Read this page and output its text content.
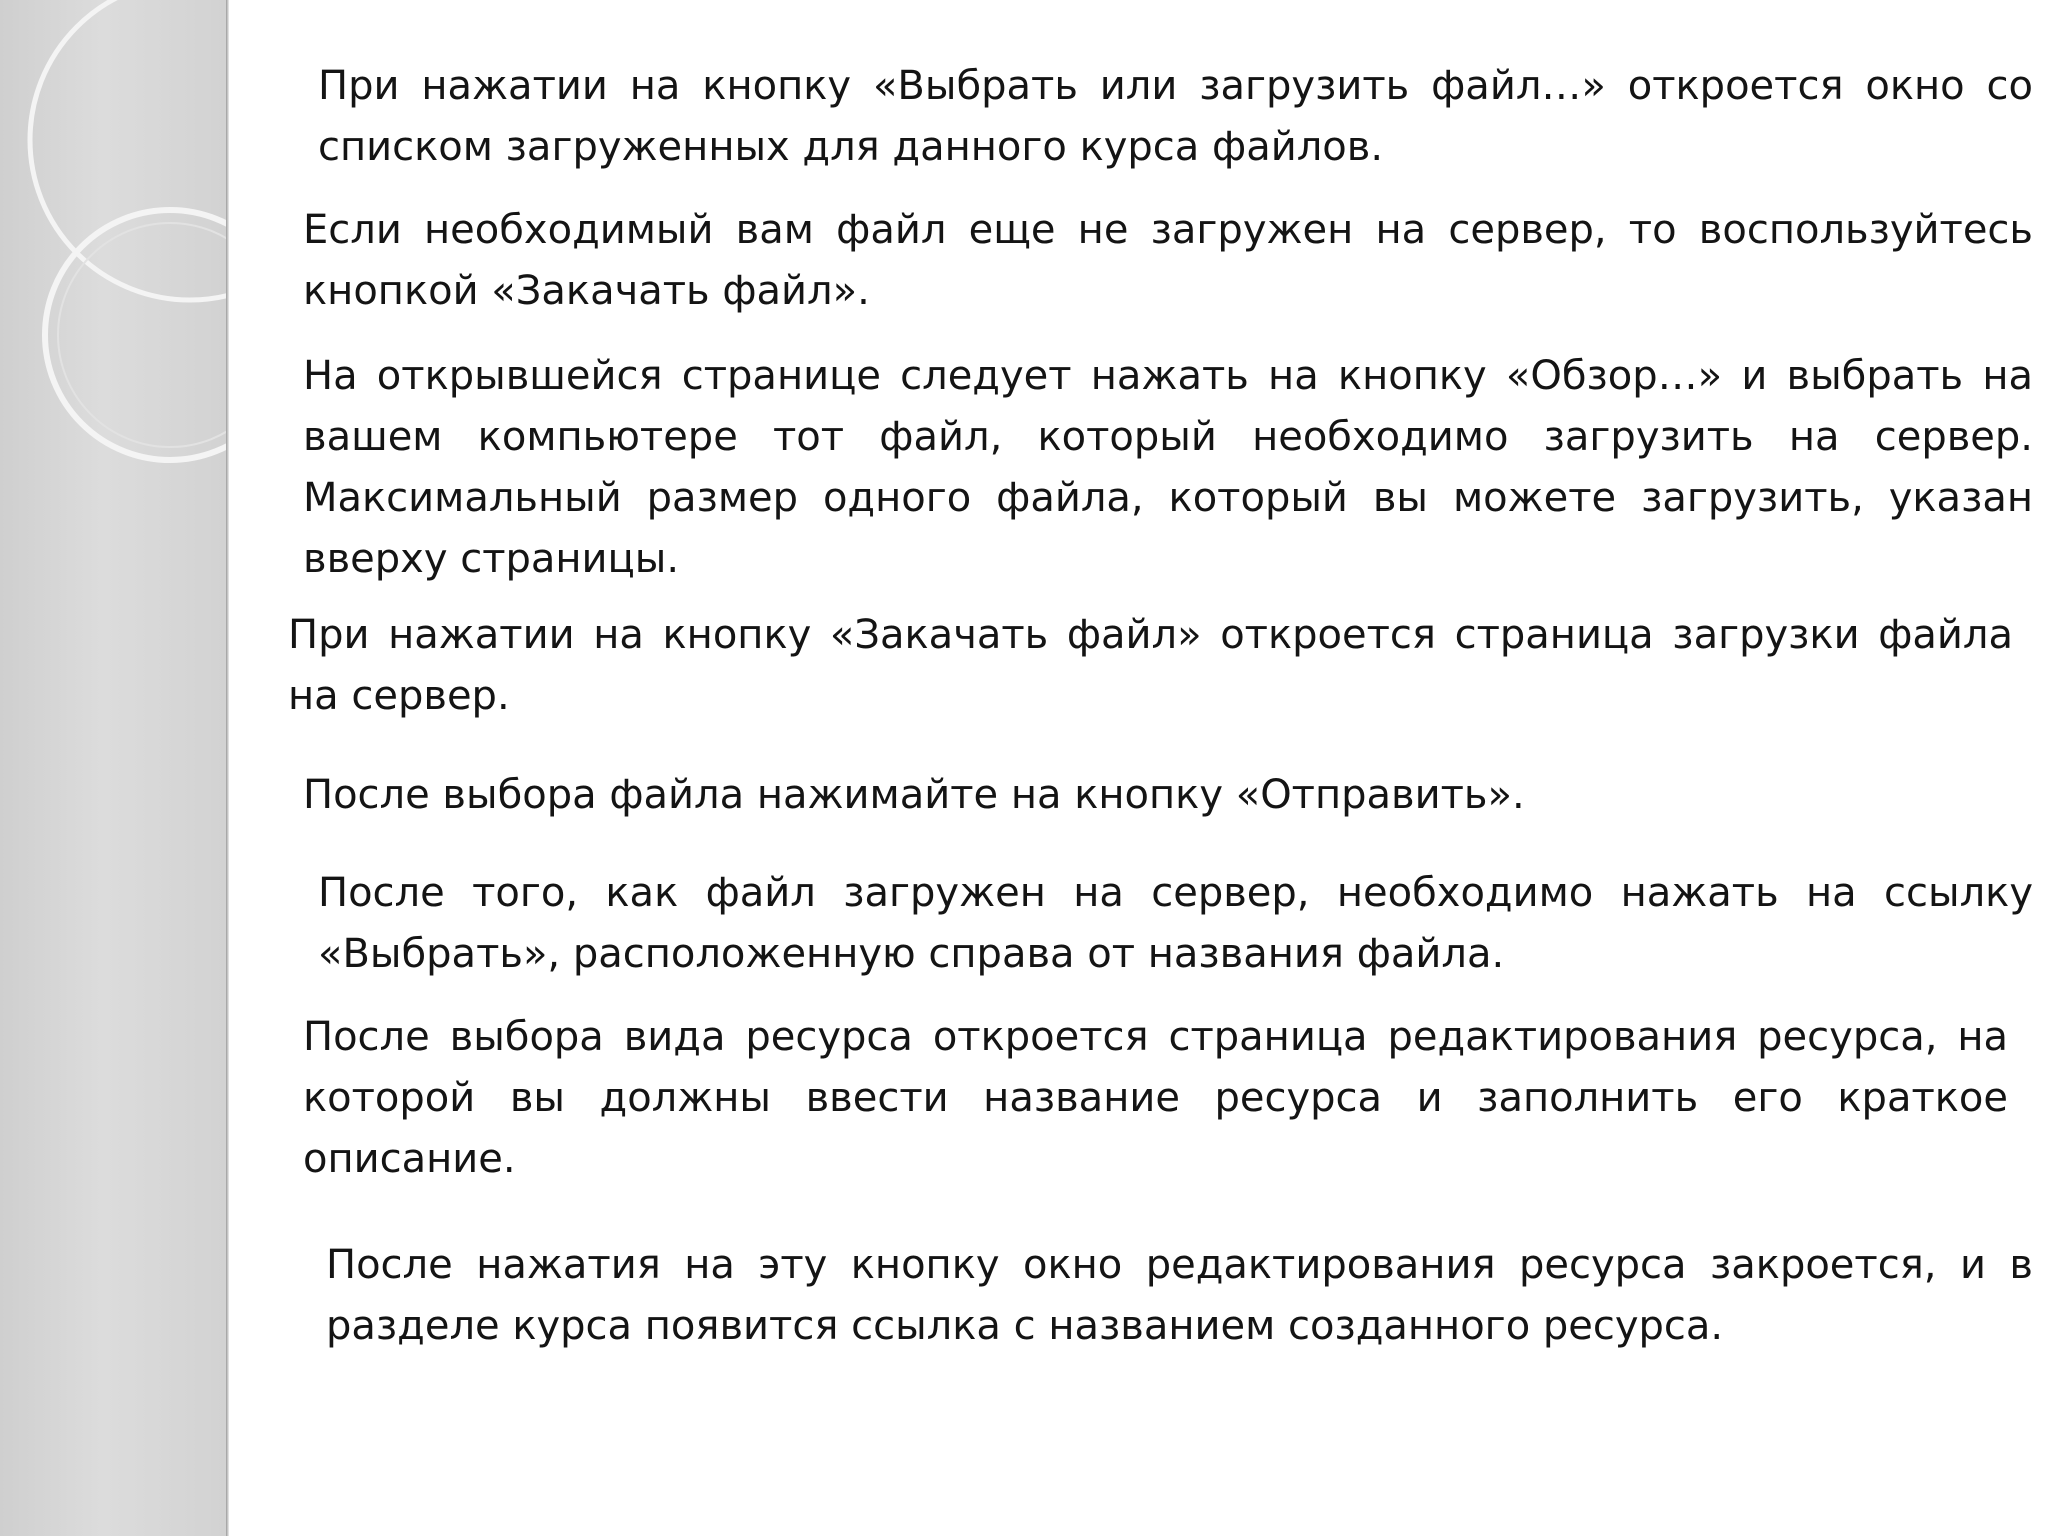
При нажатии на кнопку «Выбрать или загрузить файл…» откроется окно со списком загруженных для данного курса файлов.

Если необходимый вам файл еще не загружен на сервер, то воспользуйтесь кнопкой «Закачать файл».

На открывшейся странице следует нажать на кнопку «Обзор…» и выбрать на вашем компьютере тот файл, который необходимо загрузить на сервер. Максимальный размер одного файла, который вы можете загрузить, указан вверху страницы.

При нажатии на кнопку «Закачать файл» откроется страница загрузки файла на сервер.

После выбора файла нажимайте на кнопку «Отправить».

После того, как файл загружен на сервер, необходимо нажать на ссылку «Выбрать», расположенную справа от названия файла.

После выбора вида ресурса откроется страница редактирования ресурса, на которой вы должны ввести название ресурса и заполнить его краткое описание.

После нажатия на эту кнопку окно редактирования ресурса закроется, и в разделе курса появится ссылка с названием созданного ресурса.
